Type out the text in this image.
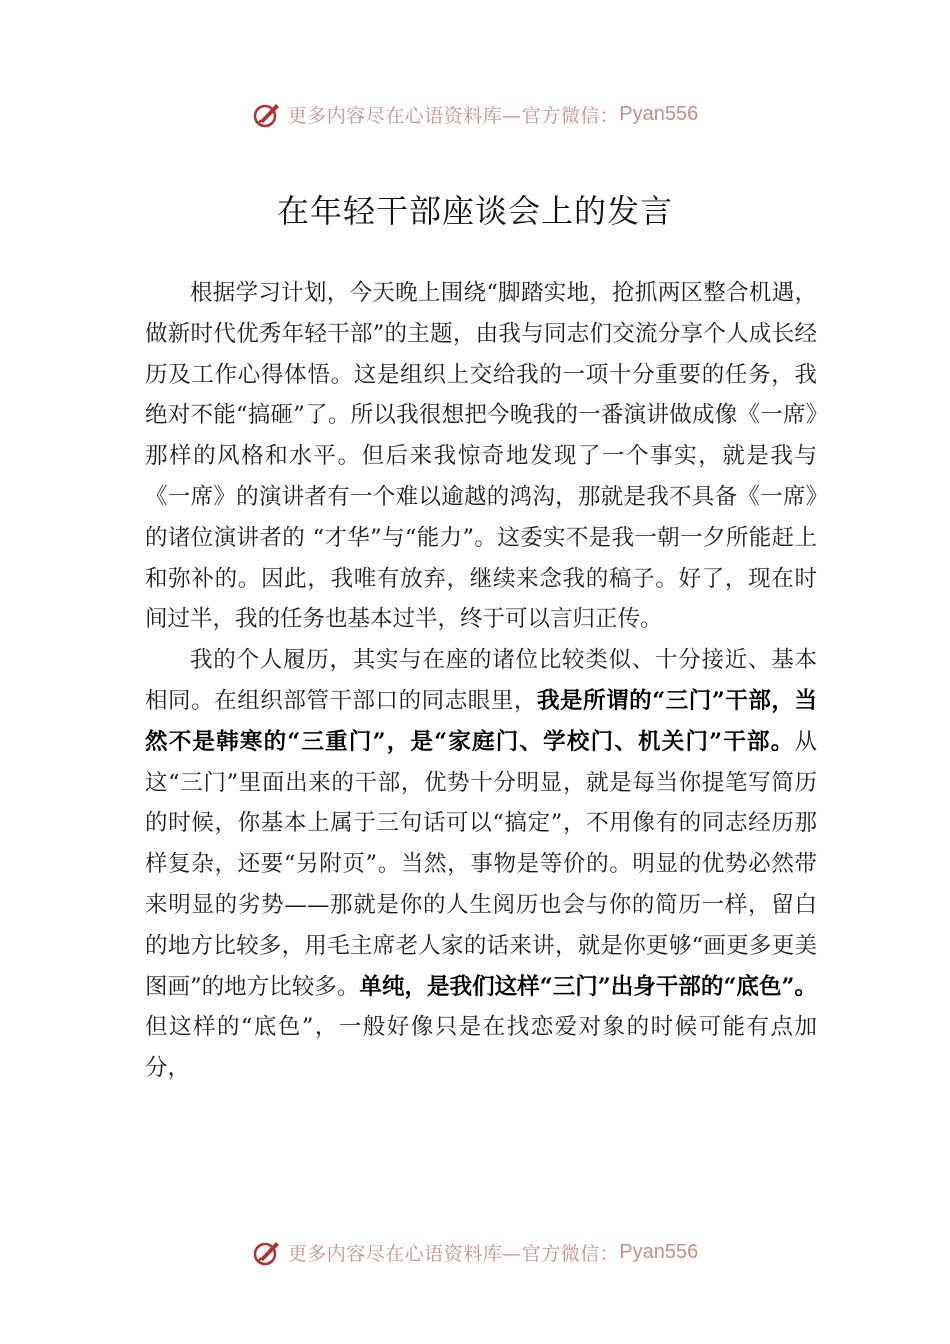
更多内容尽在心语资料库—官方微信： Pyan556
在年轻干部座谈会上的发言

根据学习计划，今天晚上围绕“脚踏实地，抢抓两区整合机遇，做新时代优秀年轻干部”的主题，由我与同志们交流分享个人成长经历及工作心得体悟。这是组织上交给我的一项十分重要的任务，我绝对不能“搞砸”了。所以我很想把今晚我的一番演讲做成像《一席》那样的风格和水平。但后来我惊奇地发现了一个事实，就是我与《一席》的演讲者有一个难以逾越的鸿沟，那就是我不具备《一席》的诸位演讲者的 “才华”与“能力”。这委实不是我一朝一夕所能赶上和弥补的。因此，我唯有放弃，继续来念我的稿子。好了，现在时间过半，我的任务也基本过半，终于可以言归正传。

我的个人履历，其实与在座的诸位比较类似、十分接近、基本相同。在组织部管干部口的同志眼里，我是所谓的“三门”干部，当然不是韩寒的“三重门”，是“家庭门、学校门、机关门”干部。从这“三门”里面出来的干部，优势十分明显，就是每当你提笔写简历的时候，你基本上属于三句话可以“搞定”，不用像有的同志经历那样复杂，还要“另附页”。当然，事物是等价的。明显的优势必然带来明显的劣势——那就是你的人生阅历也会与你的简历一样，留白的地方比较多，用毛主席老人家的话来讲，就是你更够“画更多更美图画”的地方比较多。单纯，是我们这样“三门”出身干部的“底色”。但这样的“底色”，一般好像只是在找恋爱对象的时候可能有点加分，

更多内容尽在心语资料库—官方微信： Pyan556
